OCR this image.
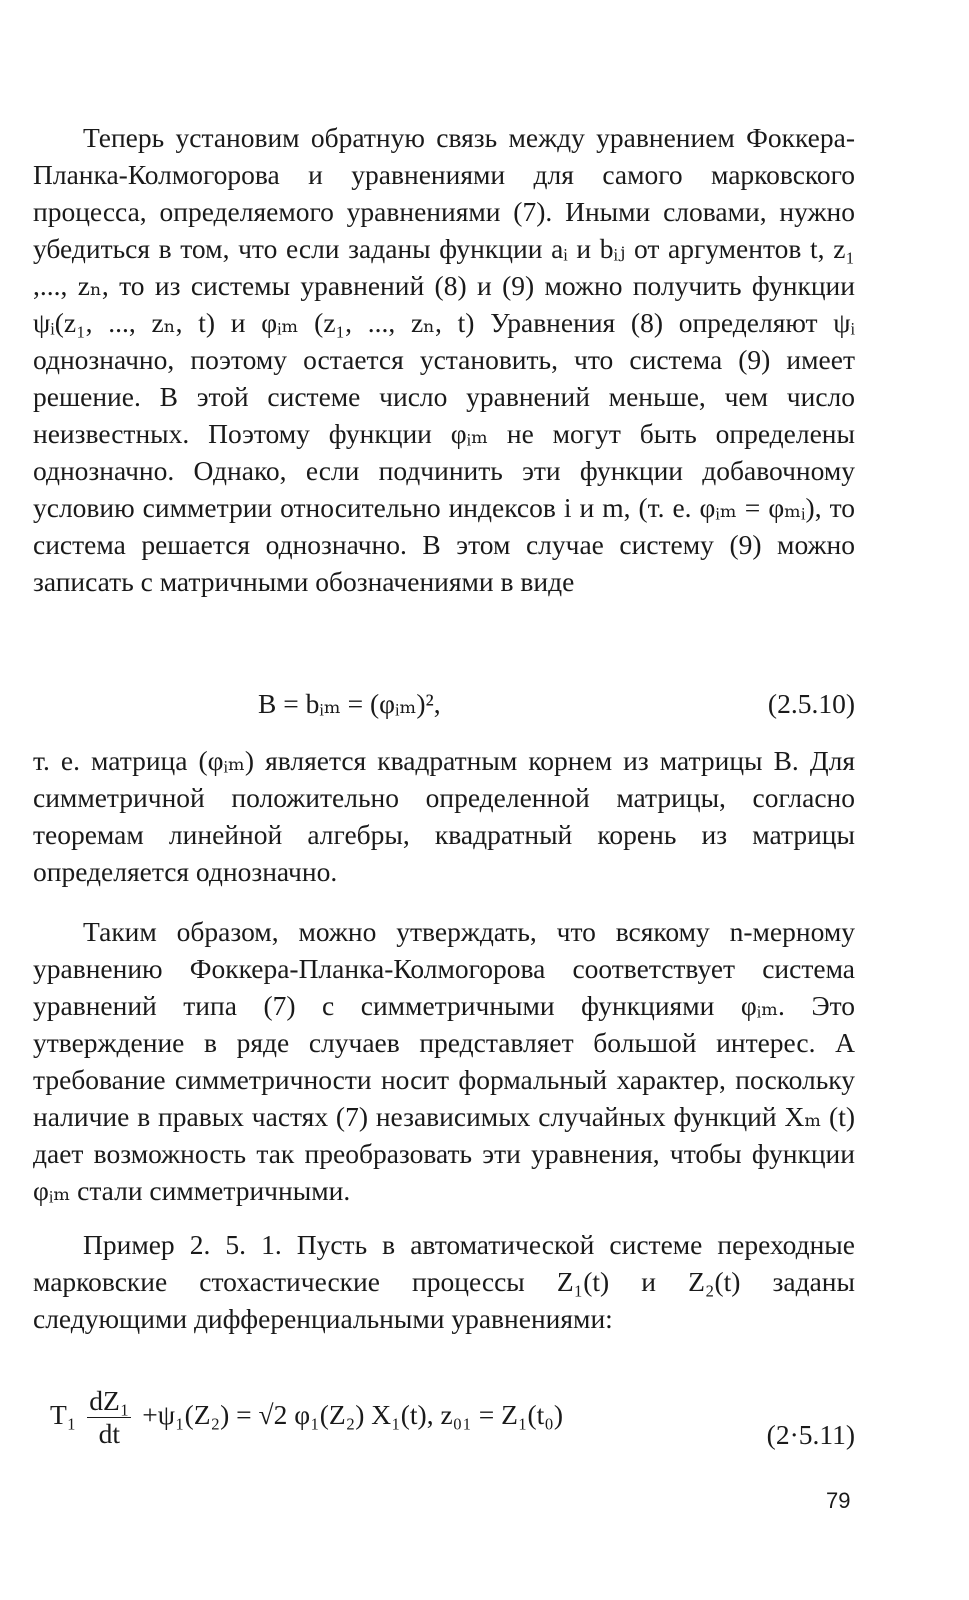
Теперь установим обратную связь между уравнением Фоккера-Планка-Колмогорова и уравнениями для самого марковского процесса, определяемого уравнениями (7). Иными словами, нужно убедиться в том, что если заданы функции aᵢ и bᵢⱼ от аргументов t, z₁ ,..., zₙ, то из системы уравнений (8) и (9) можно получить функции ψᵢ(z₁, ..., zₙ, t) и φᵢₘ (z₁, ..., zₙ, t) Уравнения (8) определяют ψᵢ однозначно, поэтому остается установить, что система (9) имеет решение. В этой системе число уравнений меньше, чем число неизвестных. Поэтому функции φᵢₘ не могут быть определены однозначно. Однако, если подчинить эти функции добавочному условию симметрии относительно индексов i и m, (т. е. φᵢₘ = φₘᵢ), то система решается однозначно. В этом случае систему (9) можно записать с матричными обозначениями в виде

B = bᵢₘ = (φᵢₘ)²,	(2.5.10)

т. е. матрица (φᵢₘ) является квадратным корнем из матрицы B. Для симметричной положительно определенной матрицы, согласно теоремам линейной алгебры, квадратный корень из матрицы определяется однозначно.

Таким образом, можно утверждать, что всякому n-мерному уравнению Фоккера-Планка-Колмогорова соответствует система уравнений типа (7) с симметричными функциями φᵢₘ. Это утверждение в ряде случаев представляет большой интерес. А требование симметричности носит формальный характер, поскольку наличие в правых частях (7) независимых случайных функций Xₘ (t) дает возможность так преобразовать эти уравнения, чтобы функции φᵢₘ стали симметричными.

Пример 2. 5. 1. Пусть в автоматической системе переходные марковские стохастические процессы Z₁(t) и Z₂(t) заданы следующими дифференциальными уравнениями:

$T_1 \frac{\text{dZ₁}}{dt} +\psi_1(Z_2) = √2$ φ₁(Z₂) X₁(t), z₀₁ = Z₁(t₀)
(2·5.11)
79
